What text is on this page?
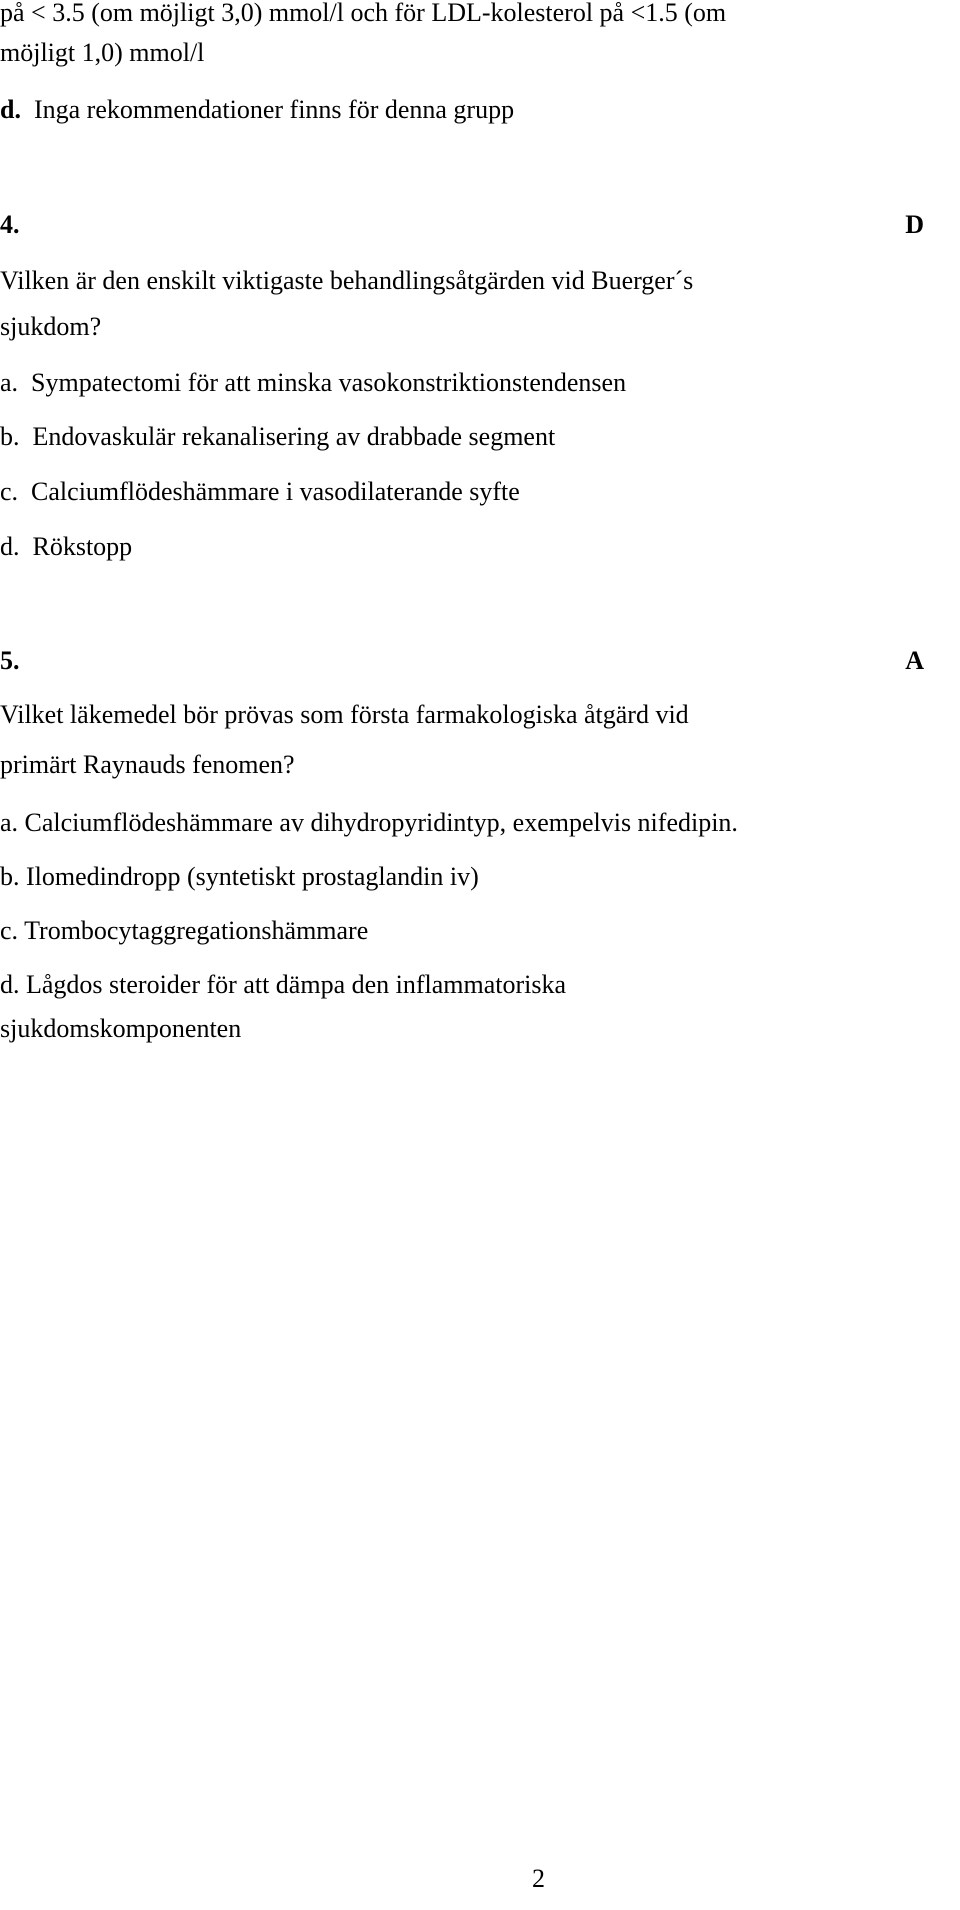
på < 3.5 (om möjligt 3,0) mmol/l och för LDL-kolesterol på <1.5 (om
möjligt 1,0) mmol/l
d. Inga rekommendationer finns för denna grupp
4.	D
Vilken är den enskilt viktigaste behandlingsåtgärden vid Buerger´s
sjukdom?
a. Sympatectomi för att minska vasokonstriktionstendensen
b. Endovaskulär rekanalisering av drabbade segment
c. Calciumflödeshämmare i vasodilaterande syfte
d. Rökstopp
5.	A
Vilket läkemedel bör prövas som första farmakologiska åtgärd vid
primärt Raynauds fenomen?
a. Calciumflödeshämmare av dihydropyridintyp, exempelvis nifedipin.
b. Ilomedindropp (syntetiskt prostaglandin iv)
c. Trombocytaggregationshämmare
d. Lågdos steroider för att dämpa den inflammatoriska
sjukdomskomponenten
2
